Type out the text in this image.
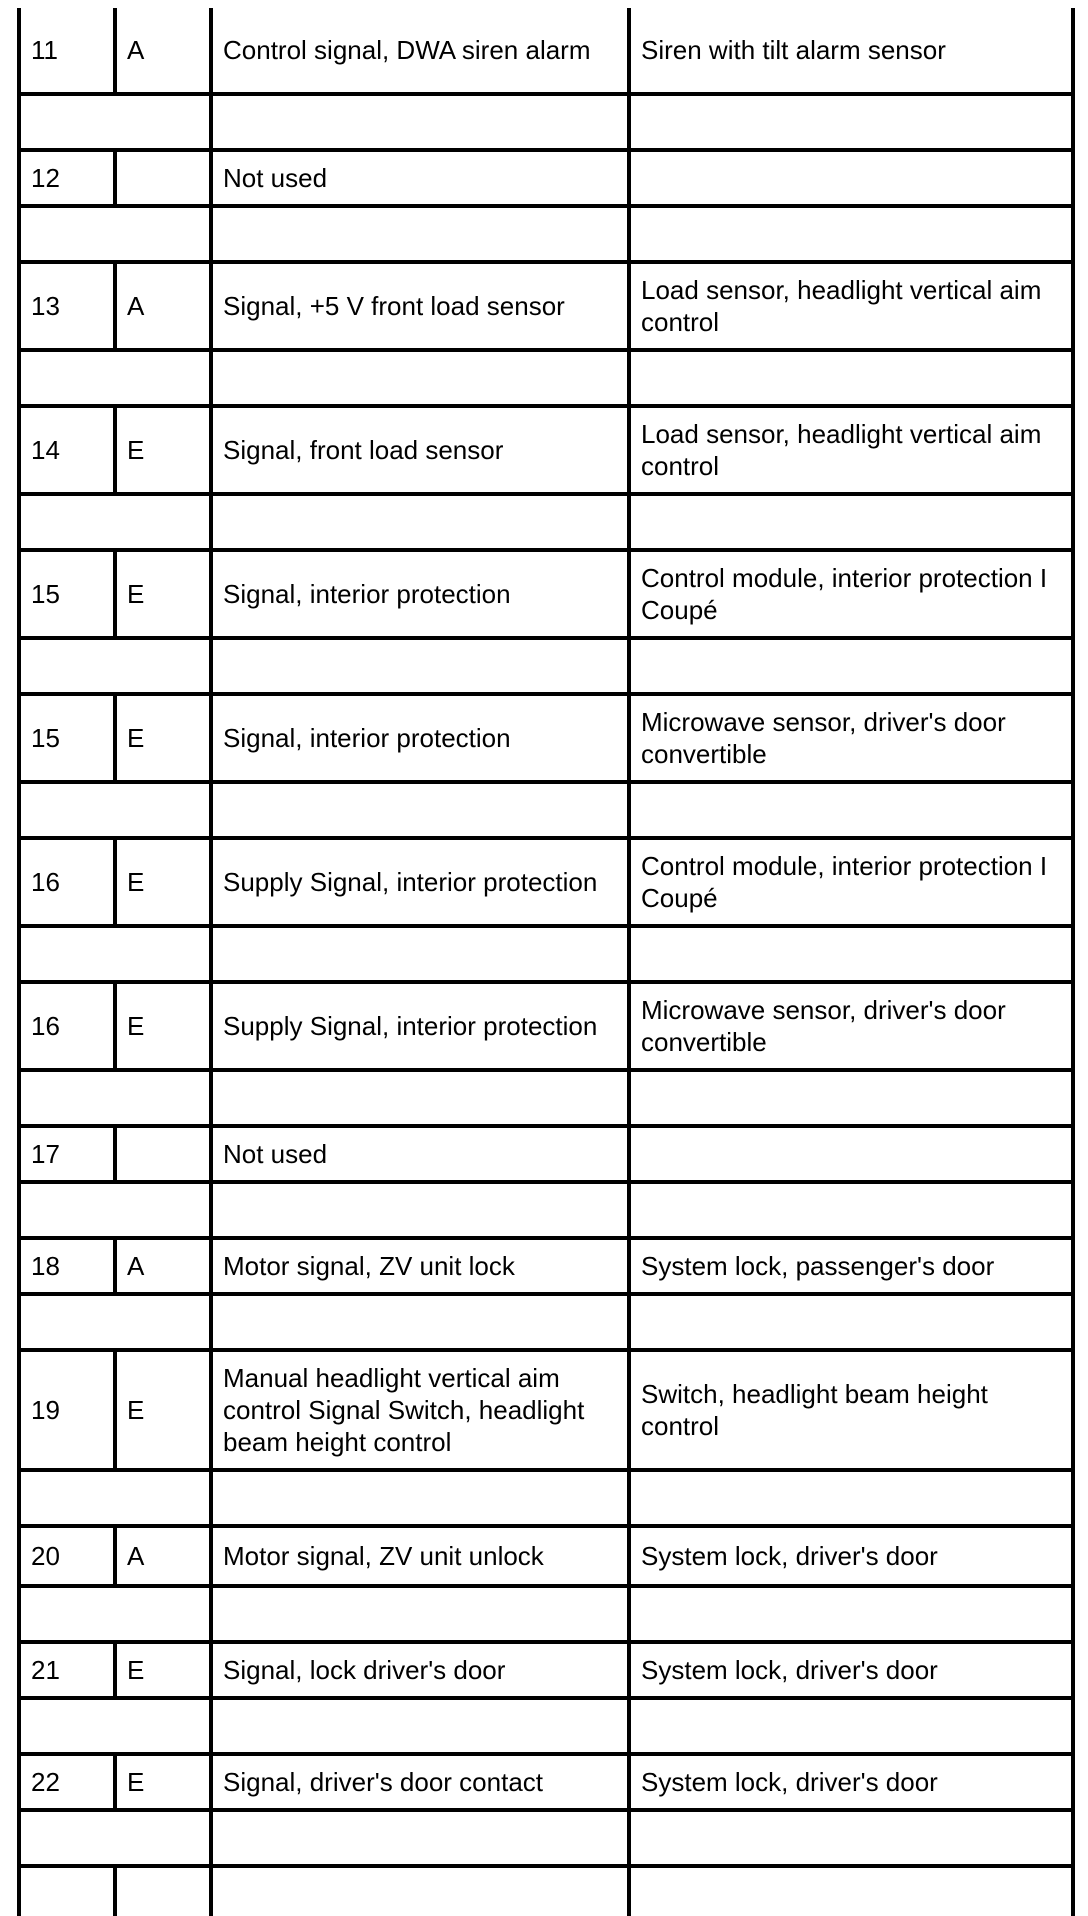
11	A	Control signal, DWA siren alarm	Siren with tilt alarm sensor

12		Not used	

13	A	Signal, +5 V front load sensor	Load sensor, headlight vertical aim control

14	E	Signal, front load sensor	Load sensor, headlight vertical aim control

15	E	Signal, interior protection	Control module, interior protection I Coupé

15	E	Signal, interior protection	Microwave sensor, driver's door convertible

16	E	Supply Signal, interior protection	Control module, interior protection I Coupé

16	E	Supply Signal, interior protection	Microwave sensor, driver's door convertible

17		Not used	

18	A	Motor signal, ZV unit lock	System lock, passenger's door

19	E	Manual headlight vertical aim control Signal Switch, headlight beam height control	Switch, headlight beam height control

20	A	Motor signal, ZV unit unlock	System lock, driver's door

21	E	Signal, lock driver's door	System lock, driver's door

22	E	Signal, driver's door contact	System lock, driver's door
